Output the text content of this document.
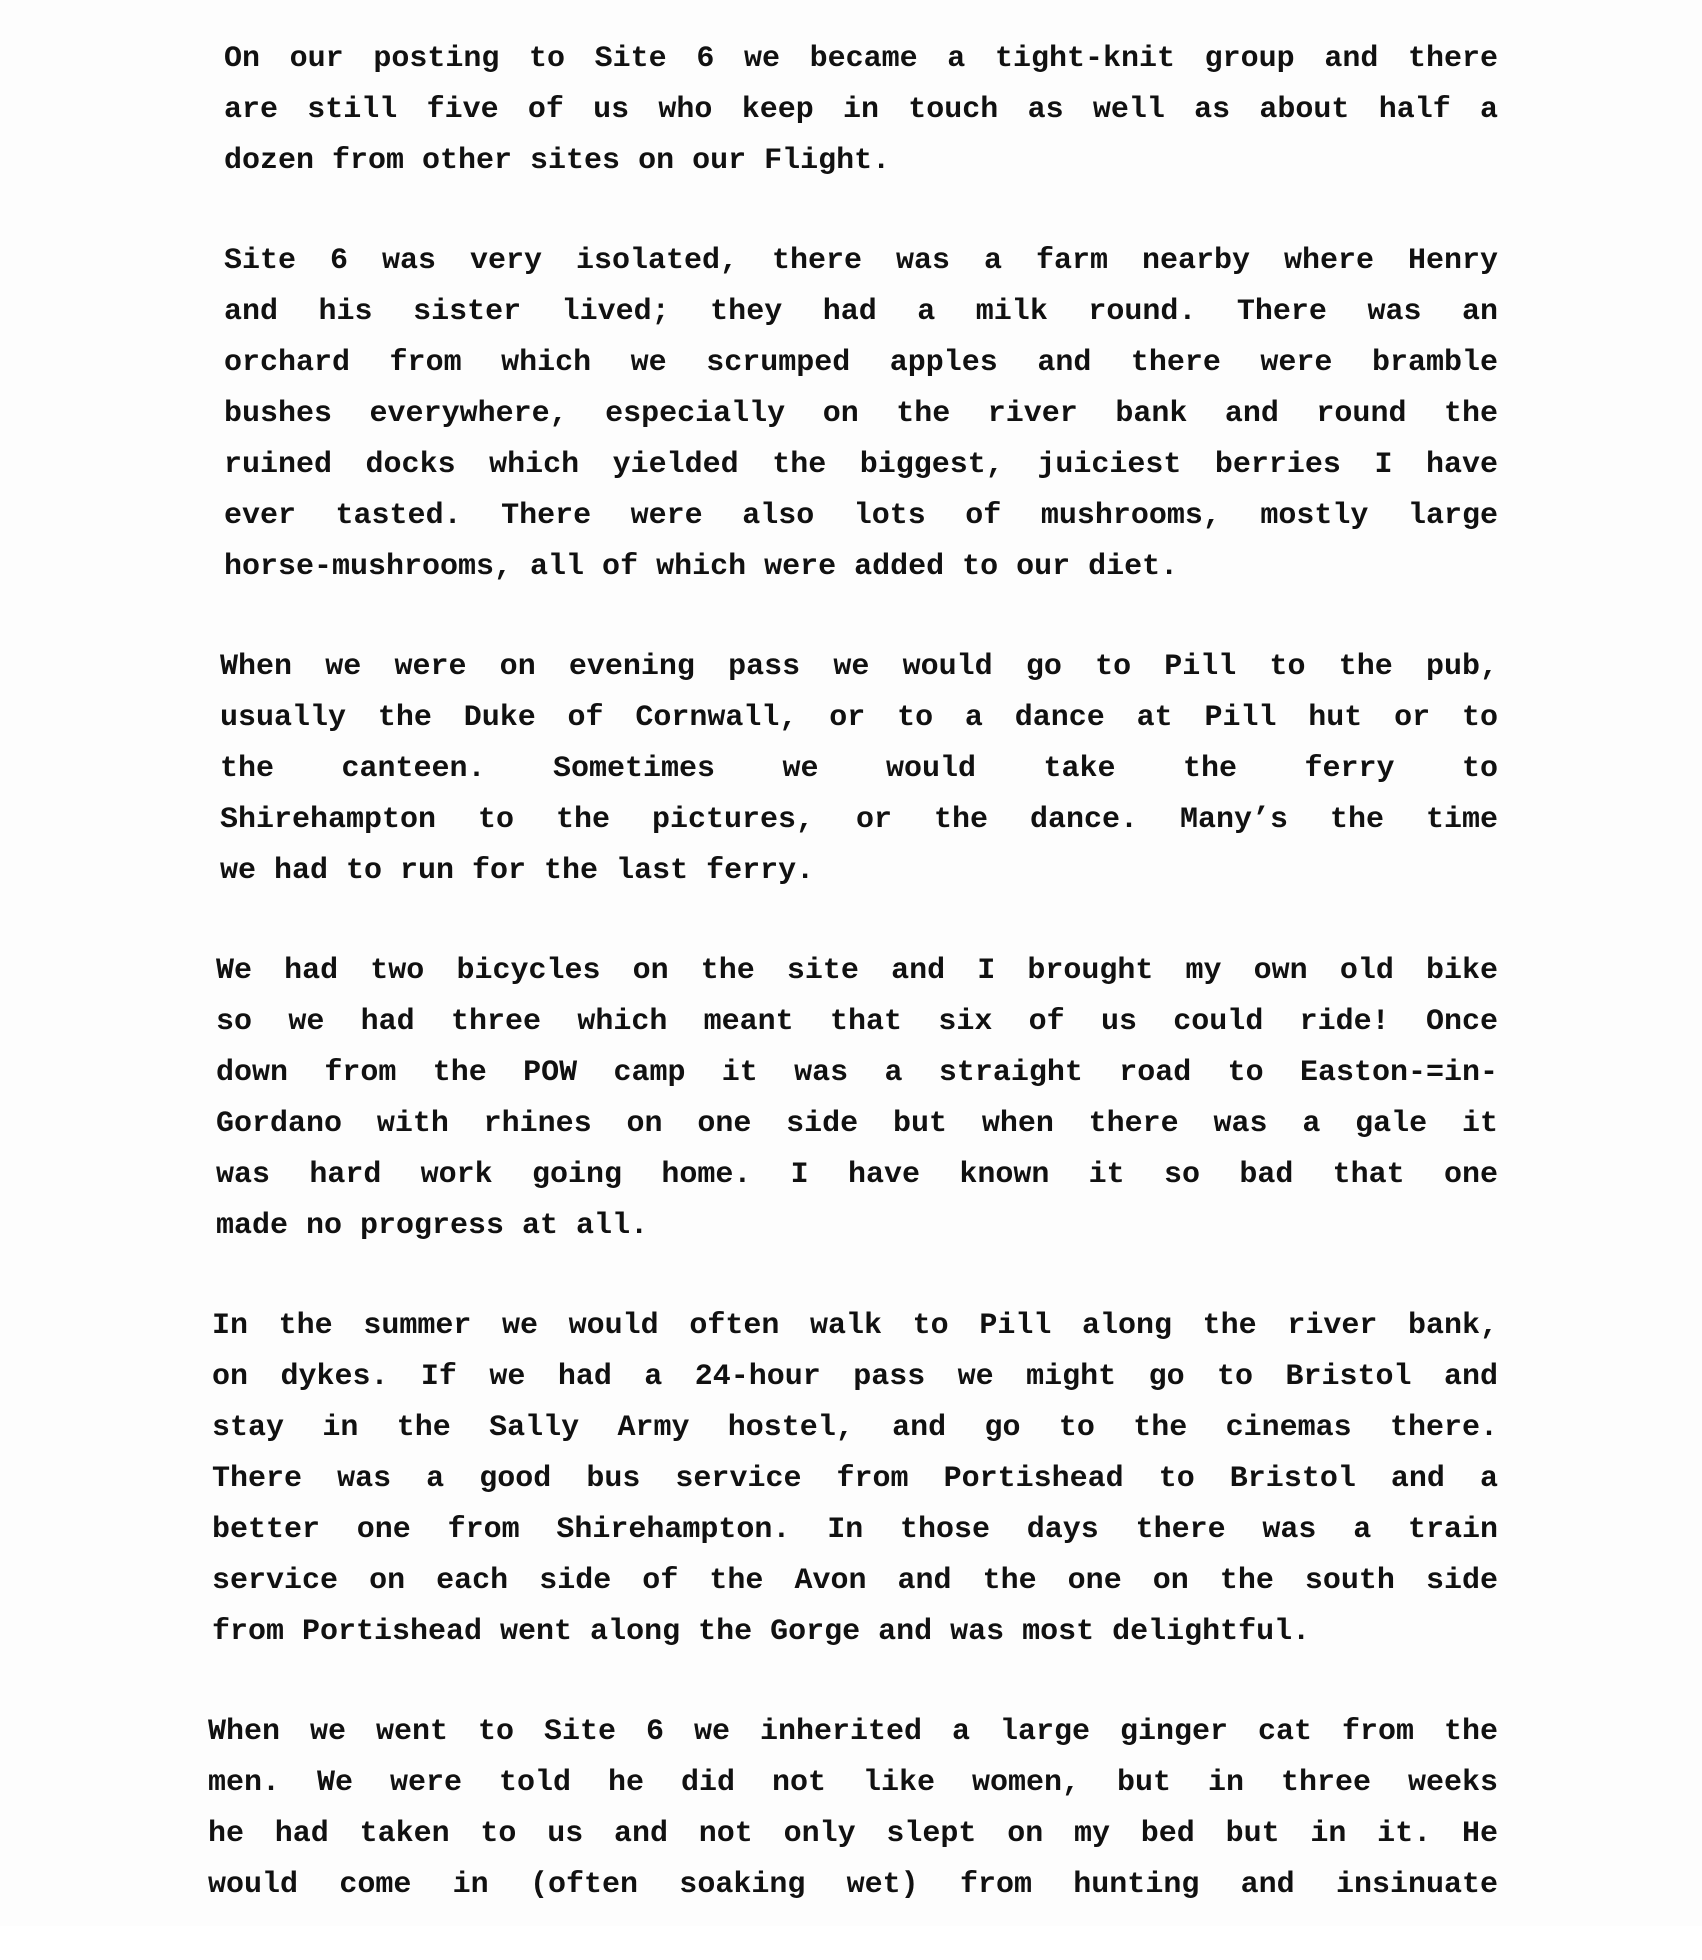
On our posting to Site 6 we became a tight-knit group and there
are still five of us who keep in touch as well as about half a
dozen from other sites on our Flight.
Site 6 was very isolated, there was a farm nearby where Henry
and his sister lived; they had a milk round. There was an
orchard from which we scrumped apples and there were bramble
bushes everywhere, especially on the river bank and round the
ruined docks which yielded the biggest, juiciest berries I have
ever tasted. There were also lots of mushrooms, mostly large
horse-mushrooms, all of which were added to our diet.
When we were on evening pass we would go to Pill to the pub,
usually the Duke of Cornwall, or to a dance at Pill hut or to
the canteen. Sometimes we would take the ferry to
Shirehampton to the pictures, or the dance. Many’s the time
we had to run for the last ferry.
We had two bicycles on the site and I brought my own old bike
so we had three which meant that six of us could ride! Once
down from the POW camp it was a straight road to Easton-=in-
Gordano with rhines on one side but when there was a gale it
was hard work going home. I have known it so bad that one
made no progress at all.
In the summer we would often walk to Pill along the river bank,
on dykes. If we had a 24-hour pass we might go to Bristol and
stay in the Sally Army hostel, and go to the cinemas there.
There was a good bus service from Portishead to Bristol and a
better one from Shirehampton. In those days there was a train
service on each side of the Avon and the one on the south side
from Portishead went along the Gorge and was most delightful.
When we went to Site 6 we inherited a large ginger cat from the
men. We were told he did not like women, but in three weeks
he had taken to us and not only slept on my bed but in it. He
would come in (often soaking wet) from hunting and insinuate
